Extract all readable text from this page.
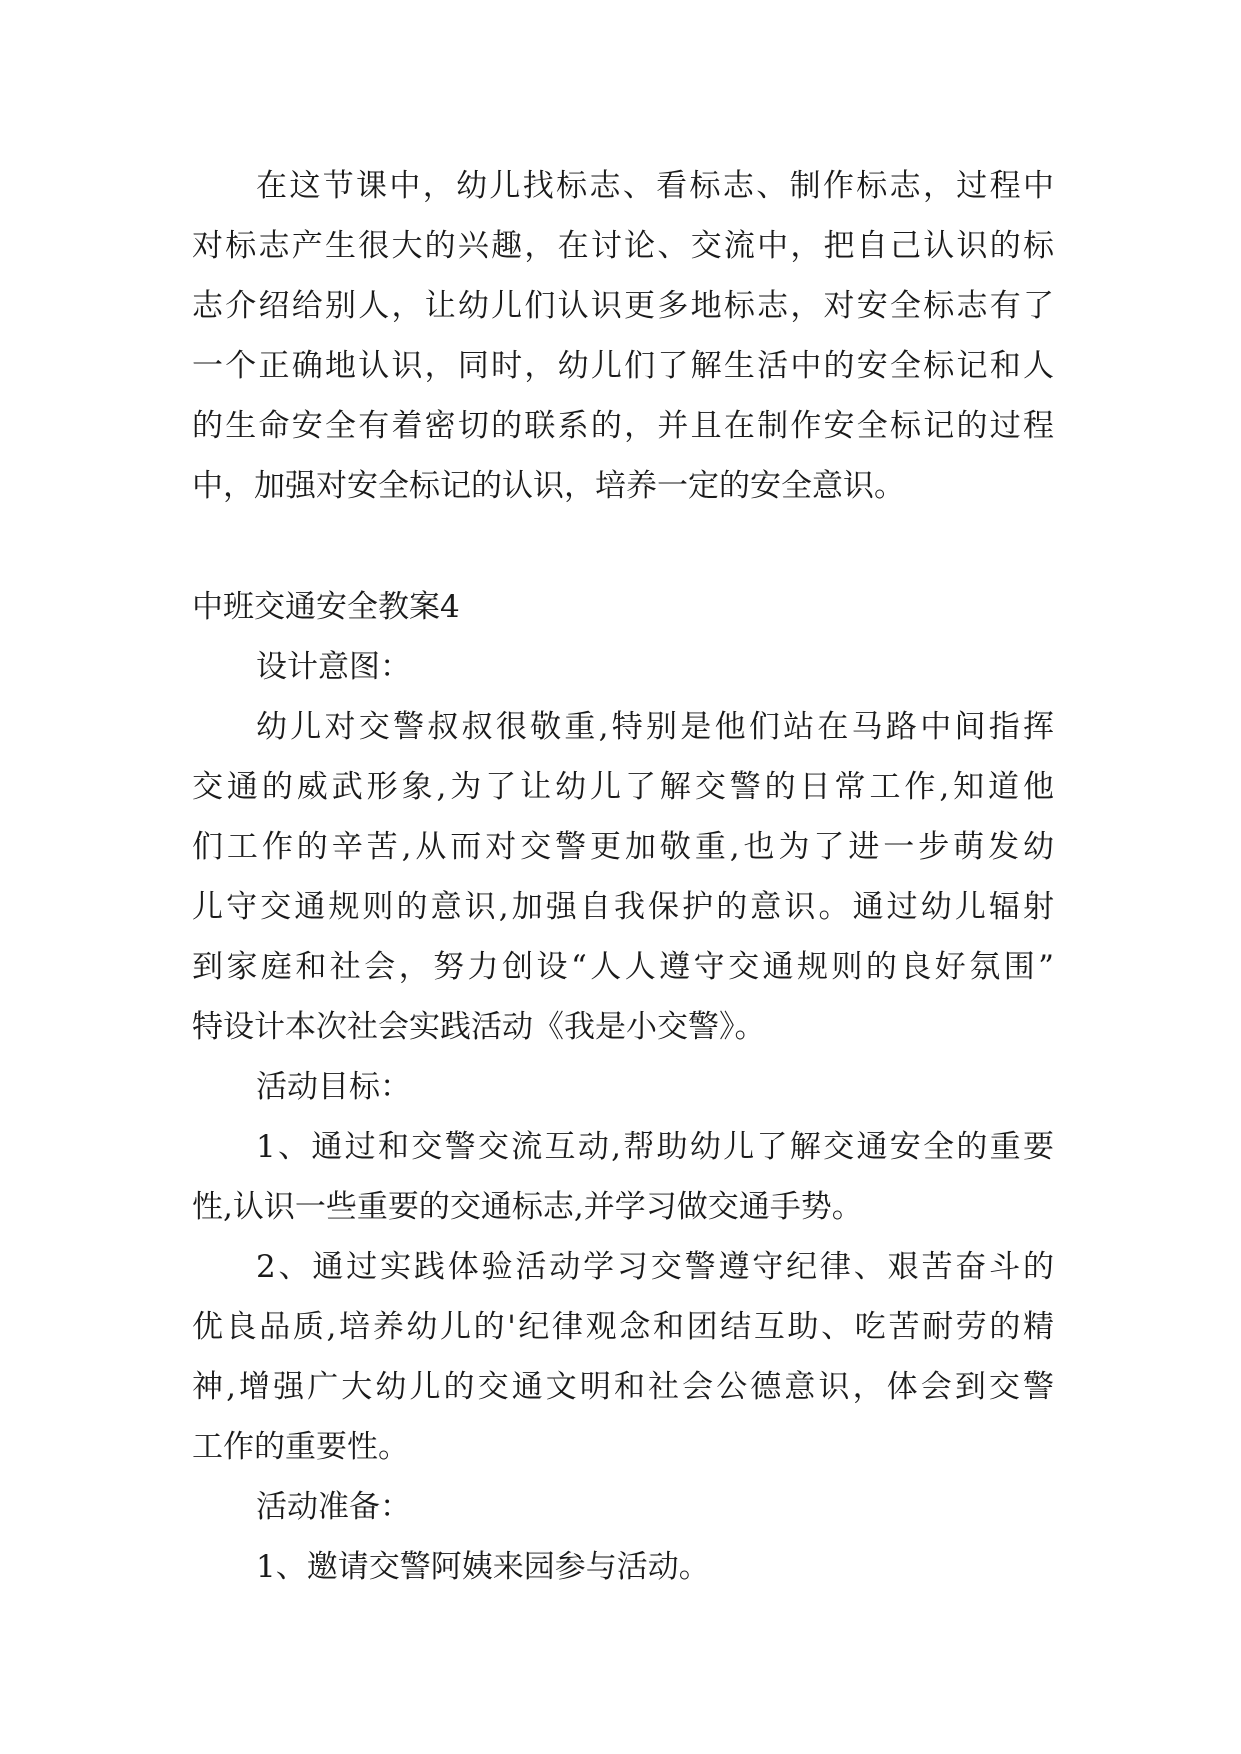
在这节课中，幼儿找标志、看标志、制作标志，过程中
对标志产生很大的兴趣，在讨论、交流中，把自己认识的标
志介绍给别人，让幼儿们认识更多地标志，对安全标志有了
一个正确地认识，同时，幼儿们了解生活中的安全标记和人
的生命安全有着密切的联系的，并且在制作安全标记的过程
中，加强对安全标记的认识，培养一定的安全意识。
中班交通安全教案4
设计意图：
幼儿对交警叔叔很敬重,特别是他们站在马路中间指挥
交通的威武形象,为了让幼儿了解交警的日常工作,知道他
们工作的辛苦,从而对交警更加敬重,也为了进一步萌发幼
儿守交通规则的意识,加强自我保护的意识。通过幼儿辐射
到家庭和社会，努力创设“人人遵守交通规则的良好氛围”
特设计本次社会实践活动《我是小交警》。
活动目标：
1、通过和交警交流互动,帮助幼儿了解交通安全的重要
性,认识一些重要的交通标志,并学习做交通手势。
2、通过实践体验活动学习交警遵守纪律、艰苦奋斗的
优良品质,培养幼儿的'纪律观念和团结互助、吃苦耐劳的精
神,增强广大幼儿的交通文明和社会公德意识，体会到交警
工作的重要性。
活动准备：
1、邀请交警阿姨来园参与活动。
